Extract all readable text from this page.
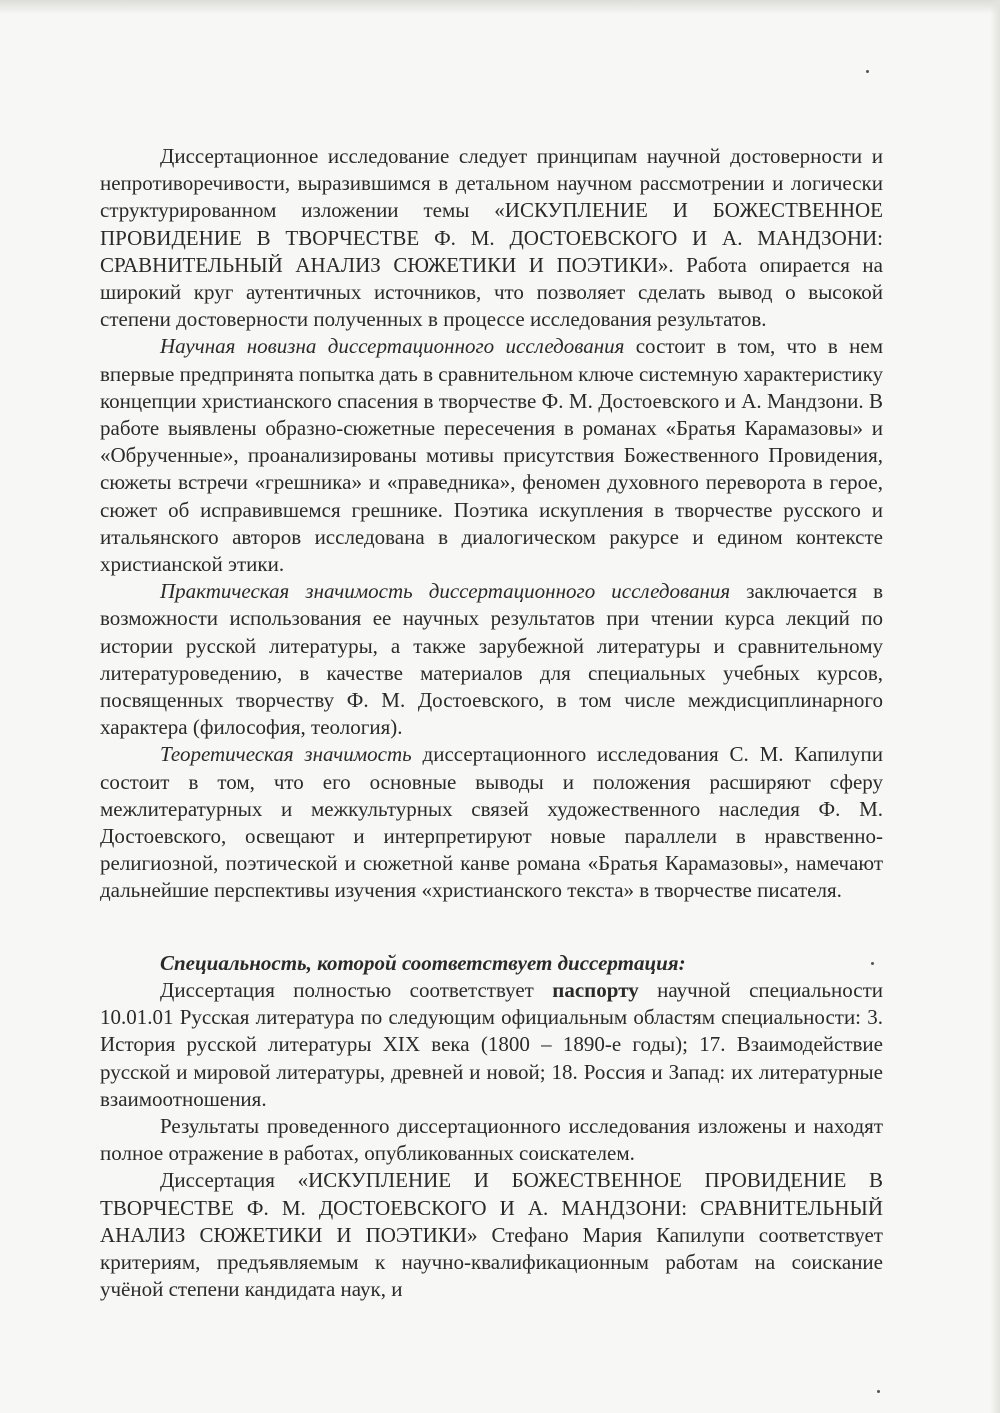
Диссертационное исследование следует принципам научной достоверности и непротиворечивости, выразившимся в детальном научном рассмотрении и логически структурированном изложении темы «ИСКУПЛЕНИЕ И БОЖЕСТВЕННОЕ ПРОВИДЕНИЕ В ТВОРЧЕСТВЕ Ф. М. ДОСТОЕВСКОГО И А. МАНДЗОНИ: СРАВНИТЕЛЬНЫЙ АНАЛИЗ СЮЖЕТИКИ И ПОЭТИКИ». Работа опирается на широкий круг аутентичных источников, что позволяет сделать вывод о высокой степени достоверности полученных в процессе исследования результатов.

Научная новизна диссертационного исследования состоит в том, что в нем впервые предпринята попытка дать в сравнительном ключе системную характеристику концепции христианского спасения в творчестве Ф. М. Достоевского и А. Мандзони. В работе выявлены образно-сюжетные пересечения в романах «Братья Карамазовы» и «Обрученные», проанализированы мотивы присутствия Божественного Провидения, сюжеты встречи «грешника» и «праведника», феномен духовного переворота в герое, сюжет об исправившемся грешнике. Поэтика искупления в творчестве русского и итальянского авторов исследована в диалогическом ракурсе и едином контексте христианской этики.

Практическая значимость диссертационного исследования заключается в возможности использования ее научных результатов при чтении курса лекций по истории русской литературы, а также зарубежной литературы и сравнительному литературоведению, в качестве материалов для специальных учебных курсов, посвященных творчеству Ф. М. Достоевского, в том числе междисциплинарного характера (философия, теология).

Теоретическая значимость диссертационного исследования С. М. Капилупи состоит в том, что его основные выводы и положения расширяют сферу межлитературных и межкультурных связей художественного наследия Ф. М. Достоевского, освещают и интерпретируют новые параллели в нравственно-религиозной, поэтической и сюжетной канве романа «Братья Карамазовы», намечают дальнейшие перспективы изучения «христианского текста» в творчестве писателя.

Специальность, которой соответствует диссертация:

Диссертация полностью соответствует паспорту научной специальности 10.01.01 Русская литература по следующим официальным областям специальности: 3. История русской литературы XIX века (1800 – 1890-е годы); 17. Взаимодействие русской и мировой литературы, древней и новой; 18. Россия и Запад: их литературные взаимоотношения.

Результаты проведенного диссертационного исследования изложены и находят полное отражение в работах, опубликованных соискателем.

Диссертация «ИСКУПЛЕНИЕ И БОЖЕСТВЕННОЕ ПРОВИДЕНИЕ В ТВОРЧЕСТВЕ Ф. М. ДОСТОЕВСКОГО И А. МАНДЗОНИ: СРАВНИТЕЛЬНЫЙ АНАЛИЗ СЮЖЕТИКИ И ПОЭТИКИ» Стефано Мария Капилупи соответствует критериям, предъявляемым к научно-квалификационным работам на соискание учёной степени кандидата наук, и
